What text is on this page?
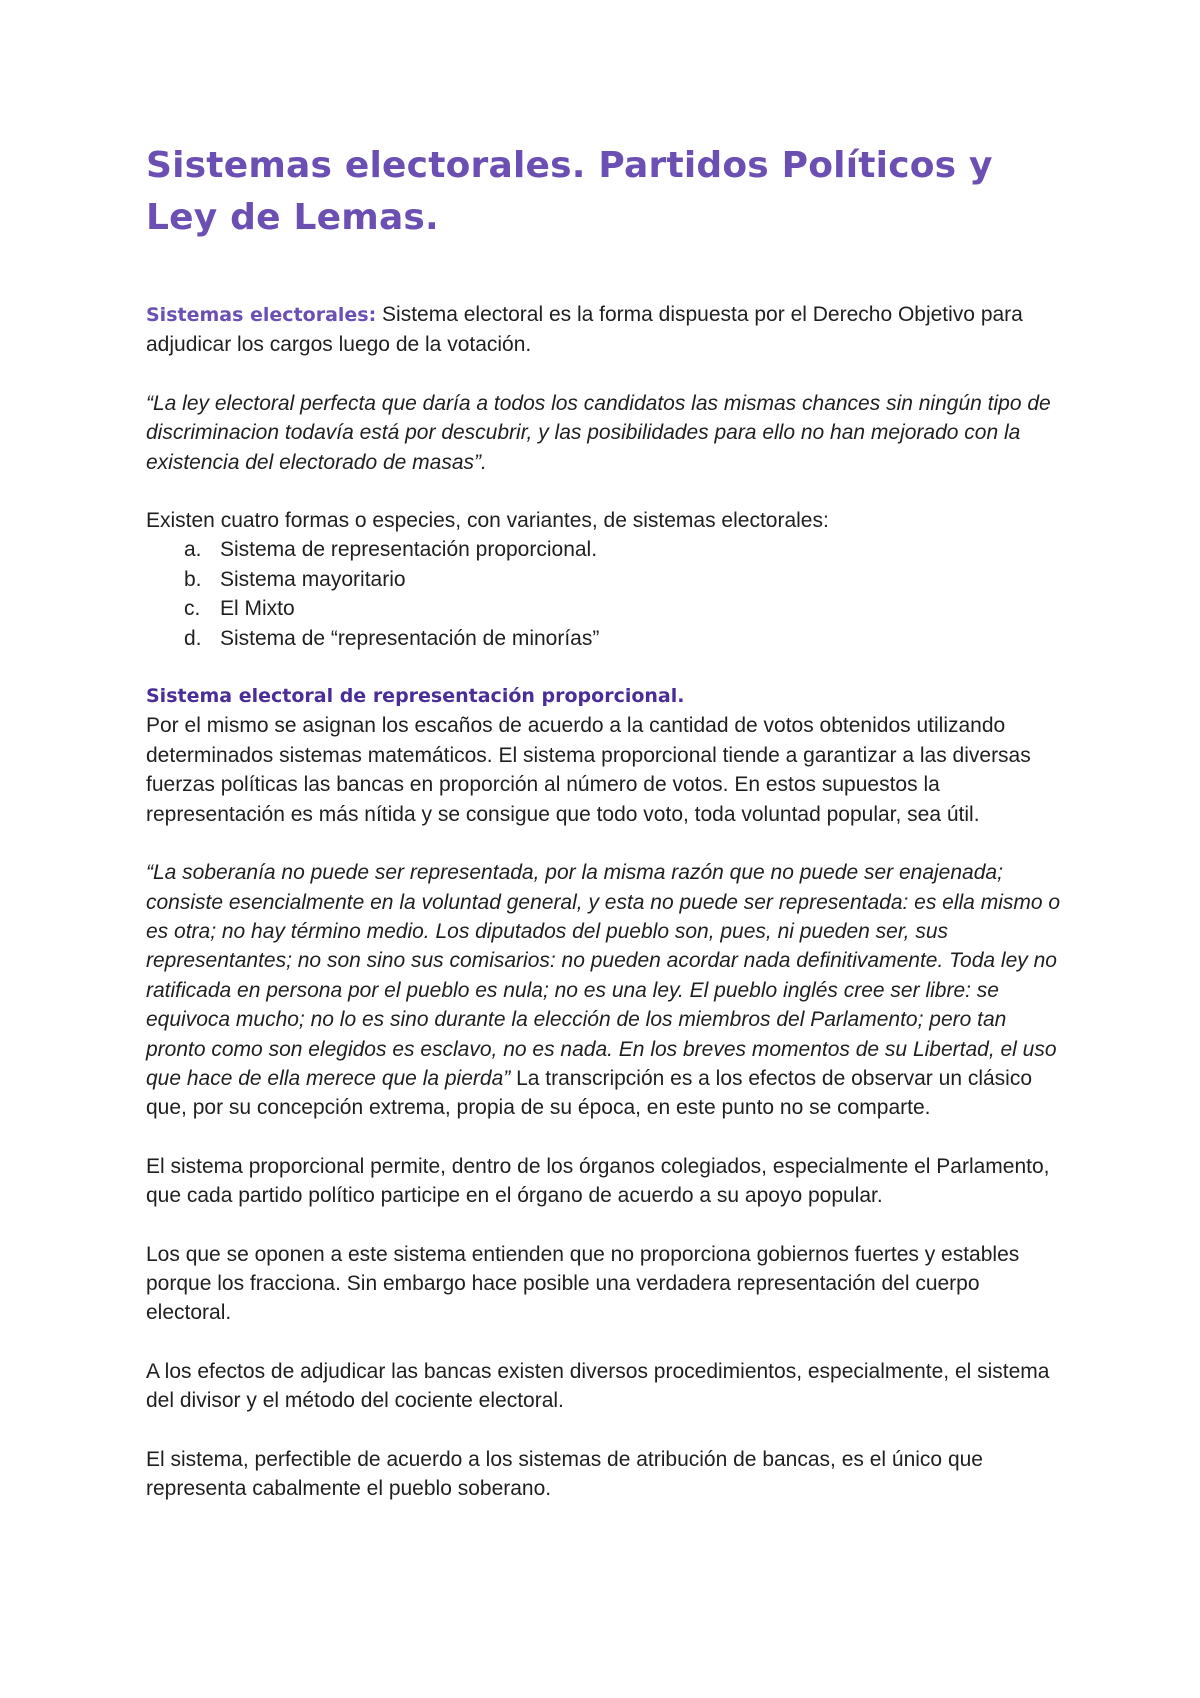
Sistemas electorales. Partidos Políticos y Ley de Lemas.

Sistemas electorales: Sistema electoral es la forma dispuesta por el Derecho Objetivo para adjudicar los cargos luego de la votación.

“La ley electoral perfecta que daría a todos los candidatos las mismas chances sin ningún tipo de discriminacion todavía está por descubrir, y las posibilidades para ello no han mejorado con la existencia del electorado de masas”.

Existen cuatro formas o especies, con variantes, de sistemas electorales:

a. Sistema de representación proporcional.
b. Sistema mayoritario
c. El Mixto
d. Sistema de “representación de minorías”

Sistema electoral de representación proporcional.
Por el mismo se asignan los escaños de acuerdo a la cantidad de votos obtenidos utilizando determinados sistemas matemáticos. El sistema proporcional tiende a garantizar a las diversas fuerzas políticas las bancas en proporción al número de votos. En estos supuestos la representación es más nítida y se consigue que todo voto, toda voluntad popular, sea útil.

“La soberanía no puede ser representada, por la misma razón que no puede ser enajenada; consiste esencialmente en la voluntad general, y esta no puede ser representada: es ella mismo o es otra; no hay término medio. Los diputados del pueblo son, pues, ni pueden ser, sus representantes; no son sino sus comisarios: no pueden acordar nada definitivamente. Toda ley no ratificada en persona por el pueblo es nula; no es una ley. El pueblo inglés cree ser libre: se equivoca mucho; no lo es sino durante la elección de los miembros del Parlamento; pero tan pronto como son elegidos es esclavo, no es nada. En los breves momentos de su Libertad, el uso que hace de ella merece que la pierda” La transcripción es a los efectos de observar un clásico que, por su concepción extrema, propia de su época, en este punto no se comparte.

El sistema proporcional permite, dentro de los órganos colegiados, especialmente el Parlamento, que cada partido político participe en el órgano de acuerdo a su apoyo popular.

Los que se oponen a este sistema entienden que no proporciona gobiernos fuertes y estables porque los fracciona. Sin embargo hace posible una verdadera representación del cuerpo electoral.

A los efectos de adjudicar las bancas existen diversos procedimientos, especialmente, el sistema del divisor y el método del cociente electoral.

El sistema, perfectible de acuerdo a los sistemas de atribución de bancas, es el único que representa cabalmente el pueblo soberano.
